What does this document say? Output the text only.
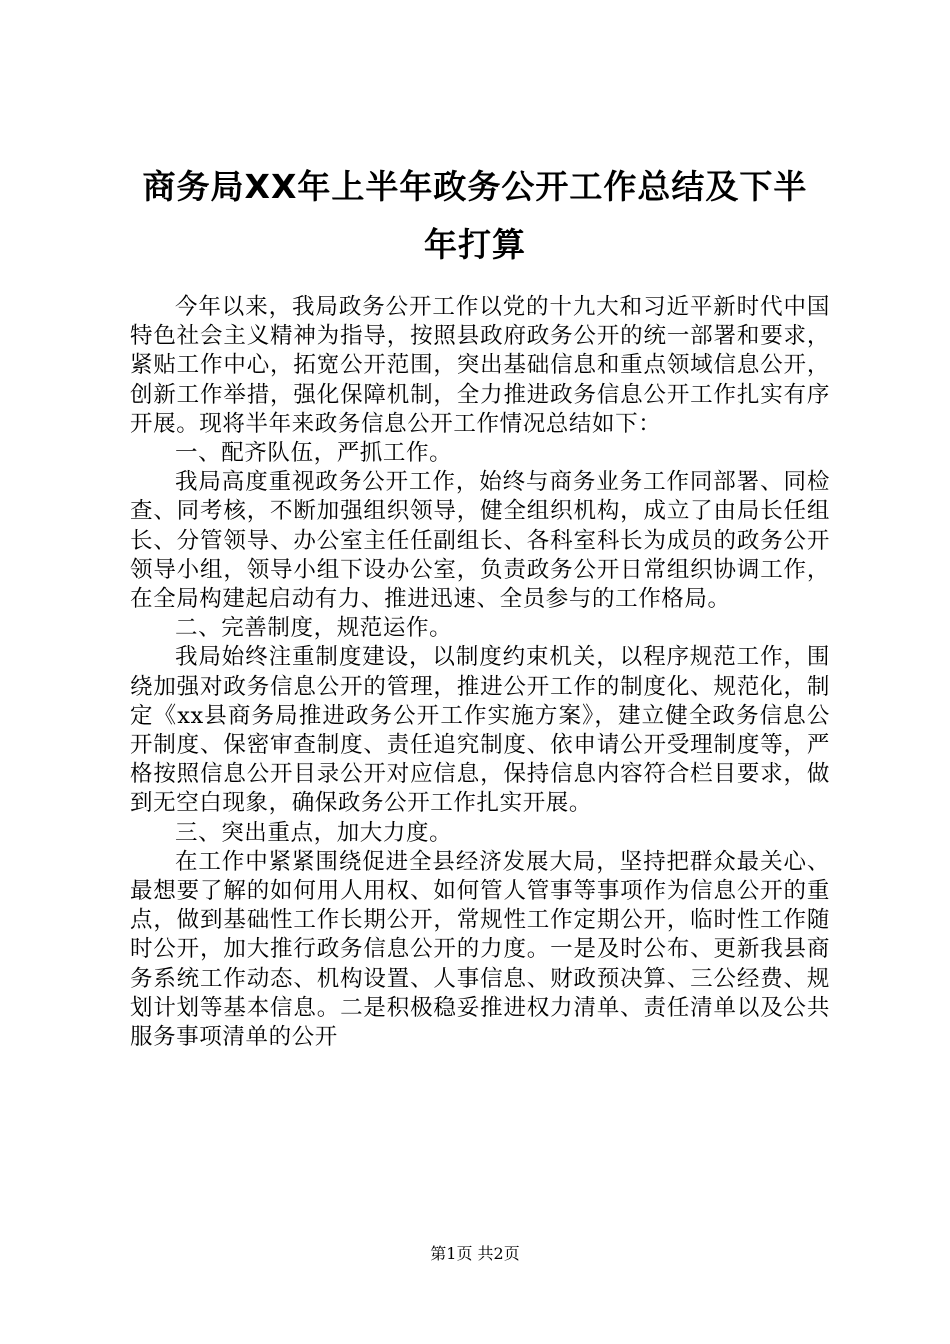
商务局XX年上半年政务公开工作总结及下半
年打算

今年以来，我局政务公开工作以党的十九大和习近平新时代中国特色社会主义精神为指导，按照县政府政务公开的统一部署和要求，紧贴工作中心，拓宽公开范围，突出基础信息和重点领域信息公开，创新工作举措，强化保障机制，全力推进政务信息公开工作扎实有序开展。现将半年来政务信息公开工作情况总结如下：

一、配齐队伍，严抓工作。

我局高度重视政务公开工作，始终与商务业务工作同部署、同检查、同考核，不断加强组织领导，健全组织机构，成立了由局长任组长、分管领导、办公室主任任副组长、各科室科长为成员的政务公开领导小组，领导小组下设办公室，负责政务公开日常组织协调工作，在全局构建起启动有力、推进迅速、全员参与的工作格局。

二、完善制度，规范运作。

我局始终注重制度建设，以制度约束机关，以程序规范工作，围绕加强对政务信息公开的管理，推进公开工作的制度化、规范化，制定《xx县商务局推进政务公开工作实施方案》，建立健全政务信息公开制度、保密审查制度、责任追究制度、依申请公开受理制度等，严格按照信息公开目录公开对应信息，保持信息内容符合栏目要求，做到无空白现象，确保政务公开工作扎实开展。

三、突出重点，加大力度。

在工作中紧紧围绕促进全县经济发展大局，坚持把群众最关心、最想要了解的如何用人用权、如何管人管事等事项作为信息公开的重点，做到基础性工作长期公开，常规性工作定期公开，临时性工作随时公开，加大推行政务信息公开的力度。一是及时公布、更新我县商务系统工作动态、机构设置、人事信息、财政预决算、三公经费、规划计划等基本信息。二是积极稳妥推进权力清单、责任清单以及公共服务事项清单的公开

第1页 共2页
